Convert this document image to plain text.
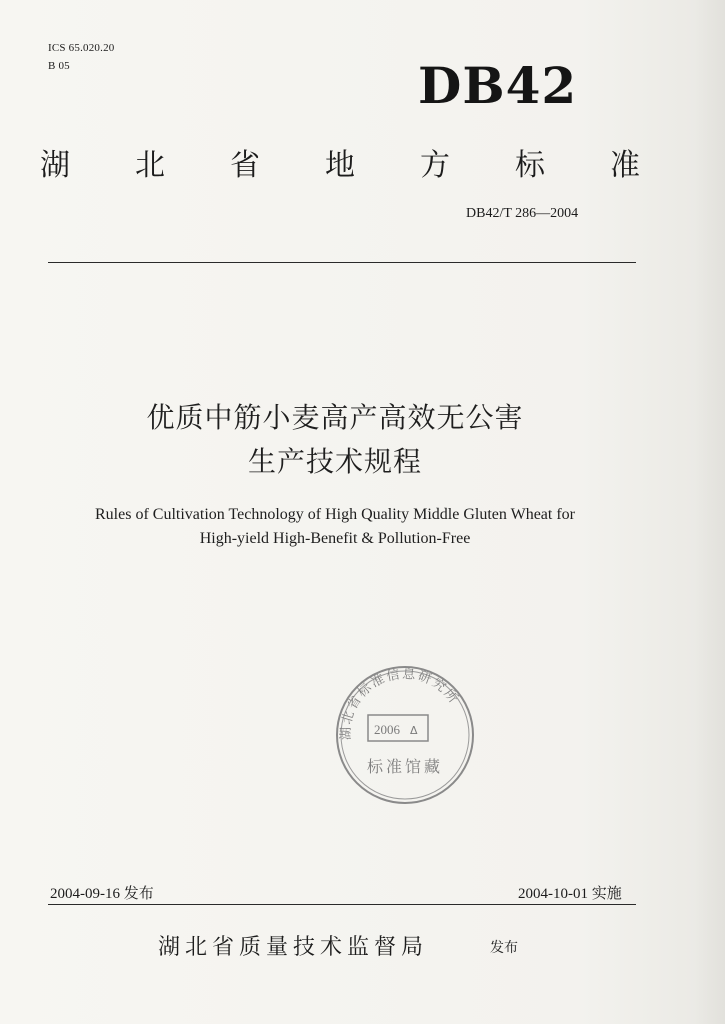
ICS 65.020.20
B 05	DB42
湖 北 省 地 方 标 准
DB42/T 286—2004
优质中筋小麦高产高效无公害
生产技术规程
Rules of Cultivation Technology of High Quality Middle Gluten Wheat for
High-yield High-Benefit & Pollution-Free
湖北省标准信息研究所
2006 Δ
标准馆藏
2004-09-16 发布	2004-10-01 实施
湖北省质量技术监督局	发布
